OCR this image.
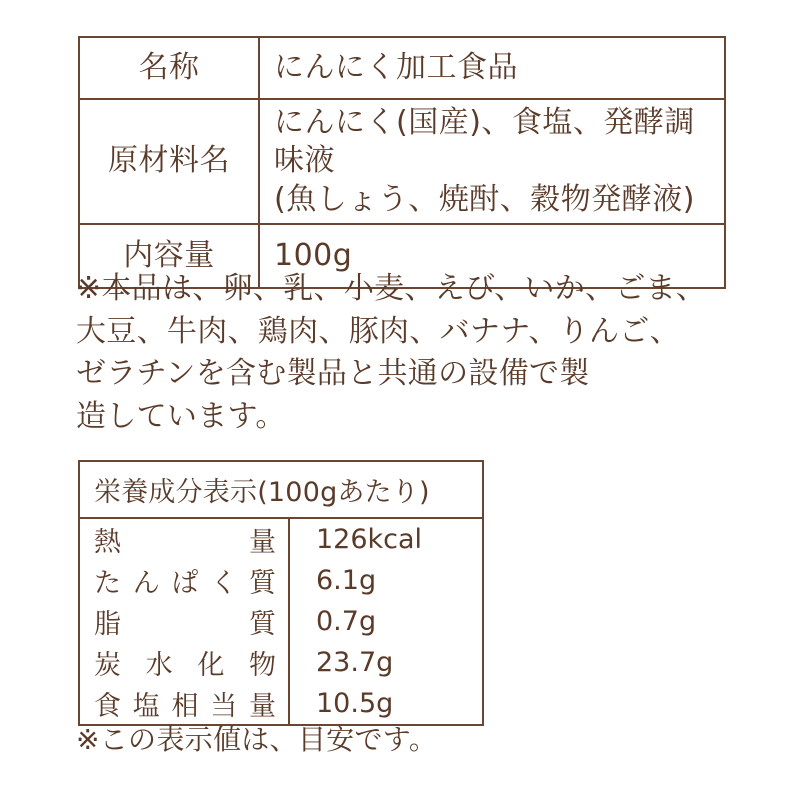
名称	にんにく加工食品

原材料名	にんにく(国産)、食塩、発酵調味液
(魚しょう、焼酎、穀物発酵液)

内容量	100g
※本品は、卵、乳、小麦、えび、いか、ごま、
大豆、牛肉、鶏肉、豚肉、バナナ、りんご、
ゼラチンを含む製品と共通の設備で製
造しています。
栄養成分表示(100gあたり)
熱量	126kcal
たんぱく質	6.1g
脂質	0.7g
炭水化物	23.7g
食塩相当量	10.5g
※この表示値は、目安です。
